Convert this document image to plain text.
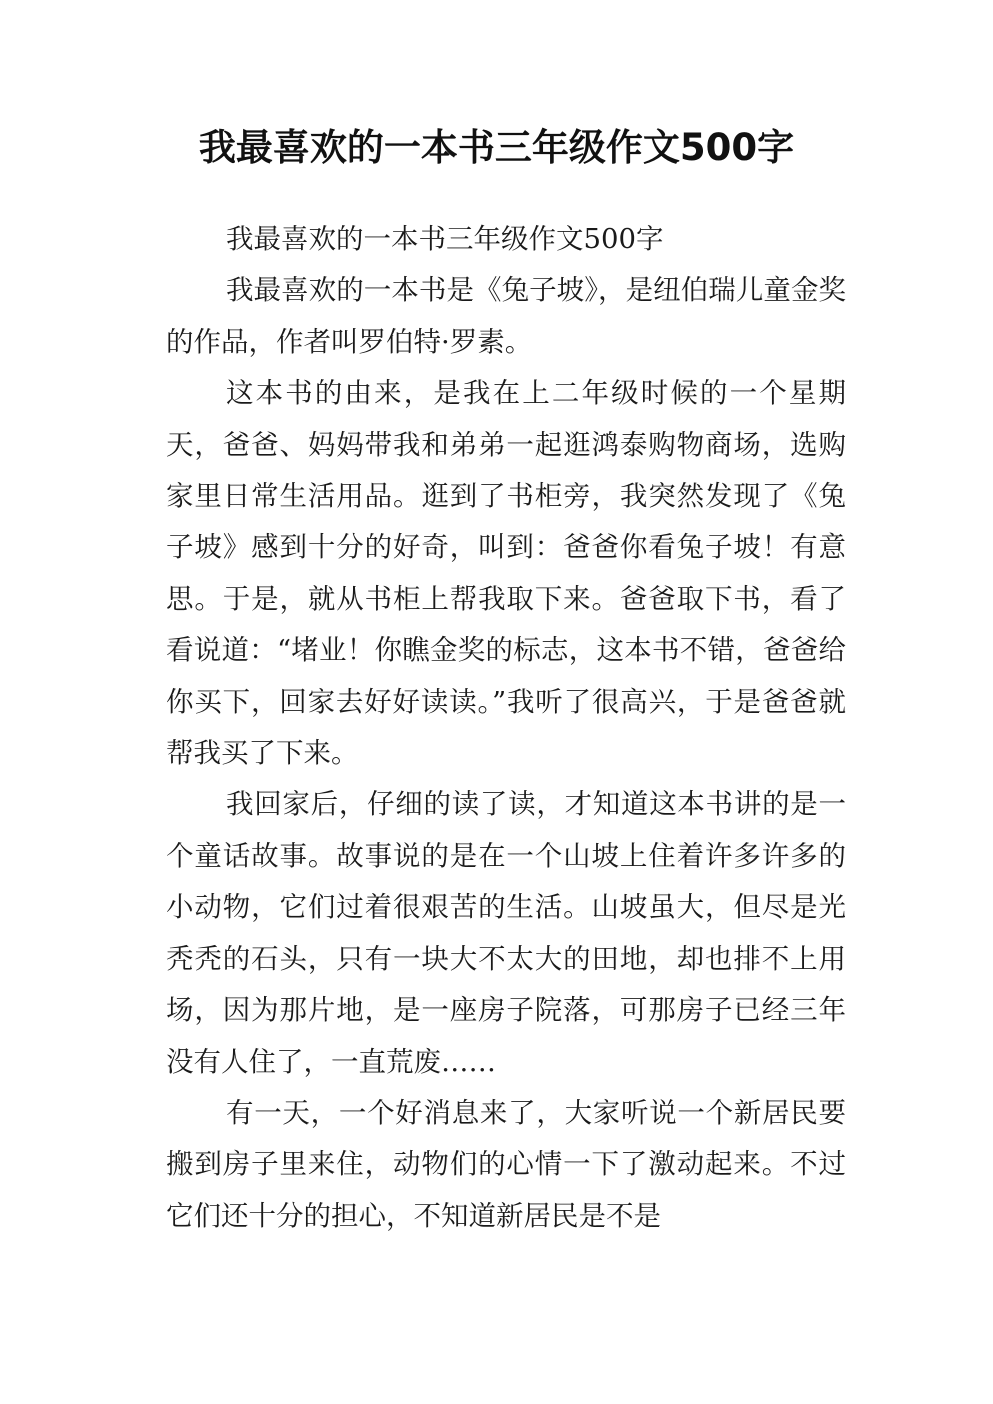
我最喜欢的一本书三年级作文500字

我最喜欢的一本书三年级作文500字

我最喜欢的一本书是《兔子坡》，是纽伯瑞儿童金奖的作品，作者叫罗伯特·罗素。

这本书的由来，是我在上二年级时候的一个星期天，爸爸、妈妈带我和弟弟一起逛鸿泰购物商场，选购家里日常生活用品。逛到了书柜旁，我突然发现了《兔子坡》感到十分的好奇，叫到：爸爸你看兔子坡！有意思。于是，就从书柜上帮我取下来。爸爸取下书，看了看说道：“堵业！你瞧金奖的标志，这本书不错，爸爸给你买下，回家去好好读读。”我听了很高兴，于是爸爸就帮我买了下来。

我回家后，仔细的读了读，才知道这本书讲的是一个童话故事。故事说的是在一个山坡上住着许多许多的小动物，它们过着很艰苦的生活。山坡虽大，但尽是光秃秃的石头，只有一块大不太大的田地，却也排不上用场，因为那片地，是一座房子院落，可那房子已经三年没有人住了，一直荒废……

有一天，一个好消息来了，大家听说一个新居民要搬到房子里来住，动物们的心情一下了激动起来。不过它们还十分的担心，不知道新居民是不是
